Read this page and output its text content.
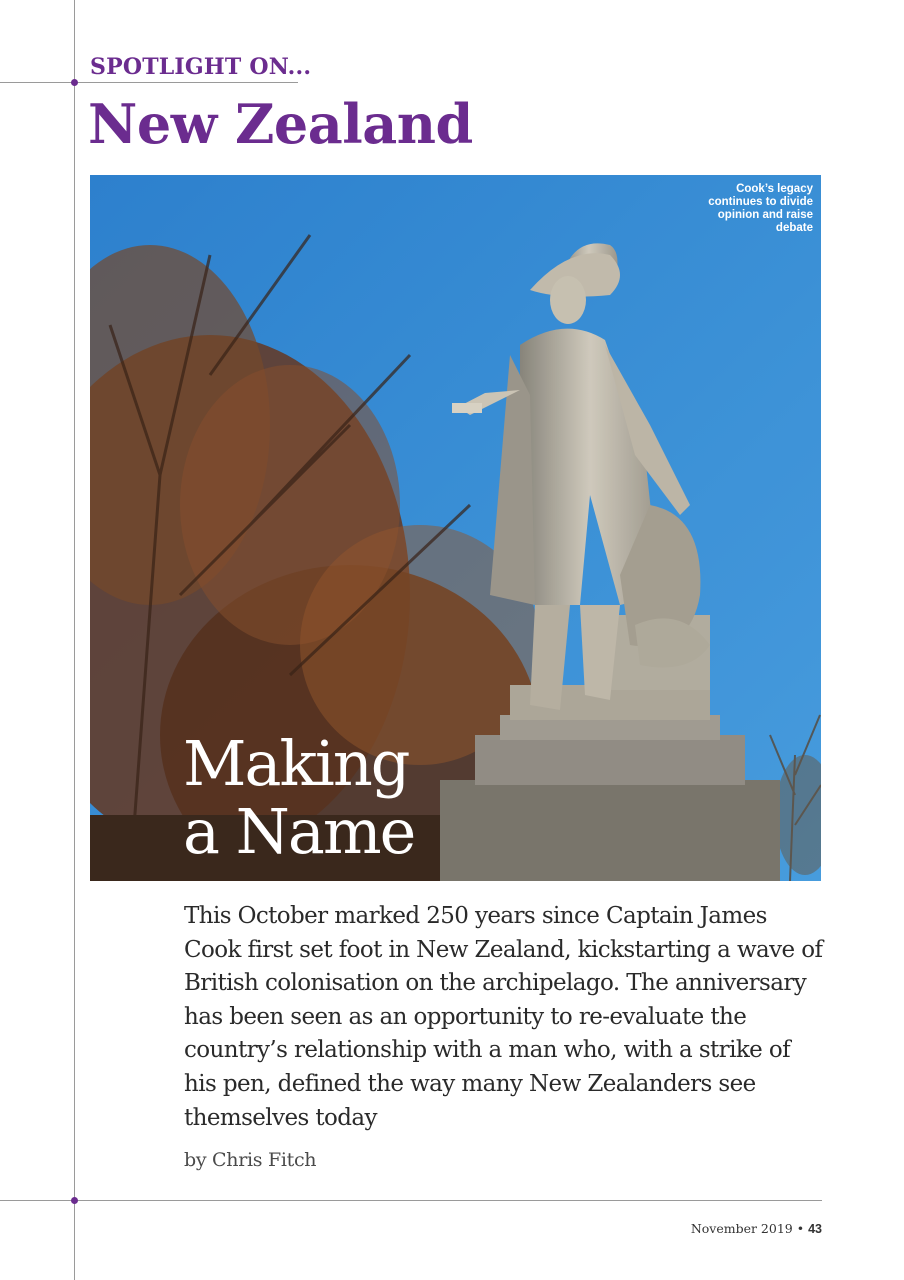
SPOTLIGHT ON...
New Zealand
Cook’s legacy continues to divide opinion and raise debate
Making
a Name
This October marked 250 years since Captain James Cook first set foot in New Zealand, kickstarting a wave of British colonisation on the archipelago. The anniversary has been seen as an opportunity to re-evaluate the country’s relationship with a man who, with a strike of his pen, defined the way many New Zealanders see themselves today
by Chris Fitch
November 2019 • 43
